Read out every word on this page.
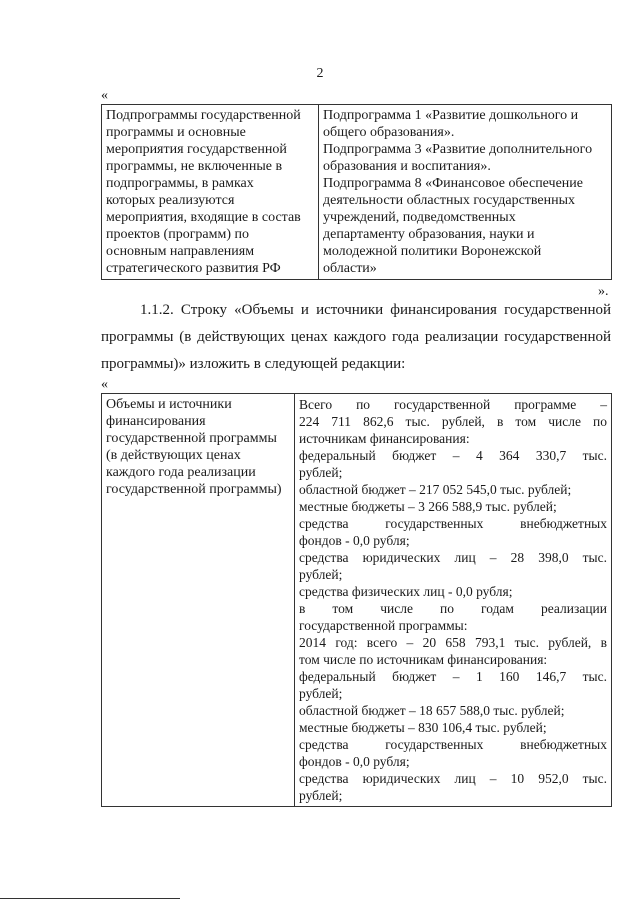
2
«
Подпрограммы государственной
программы и основные
мероприятия государственной
программы, не включенные в
подпрограммы, в рамках
которых реализуются
мероприятия, входящие в состав
проектов (программ) по
основным направлениям
стратегического развития РФ

Подпрограмма 1 «Развитие дошкольного и
общего образования».
Подпрограмма 3 «Развитие дополнительного
образования и воспитания».
Подпрограмма 8 «Финансовое обеспечение
деятельности областных государственных
учреждений, подведомственных
департаменту образования, науки и
молодежной политики Воронежской
области»
».
1.1.2. Строку «Объемы и источники финансирования государственной
программы (в действующих ценах каждого года реализации государственной
программы)» изложить в следующей редакции:
«
Объемы и источники
финансирования
государственной программы
(в действующих ценах
каждого года реализации
государственной программы)

Всего по государственной программе –
224 711 862,6 тыс. рублей, в том числе по
источникам финансирования:
федеральный бюджет – 4 364 330,7 тыс.
рублей;
областной бюджет – 217 052 545,0 тыс. рублей;
местные бюджеты – 3 266 588,9 тыс. рублей;
средства государственных внебюджетных
фондов - 0,0 рубля;
средства юридических лиц – 28 398,0 тыс.
рублей;
средства физических лиц - 0,0 рубля;
в том числе по годам реализации
государственной программы:
2014 год: всего – 20 658 793,1 тыс. рублей, в
том числе по источникам финансирования:
федеральный бюджет – 1 160 146,7 тыс.
рублей;
областной бюджет – 18 657 588,0 тыс. рублей;
местные бюджеты – 830 106,4 тыс. рублей;
средства государственных внебюджетных
фондов - 0,0 рубля;
средства юридических лиц – 10 952,0 тыс.
рублей;
